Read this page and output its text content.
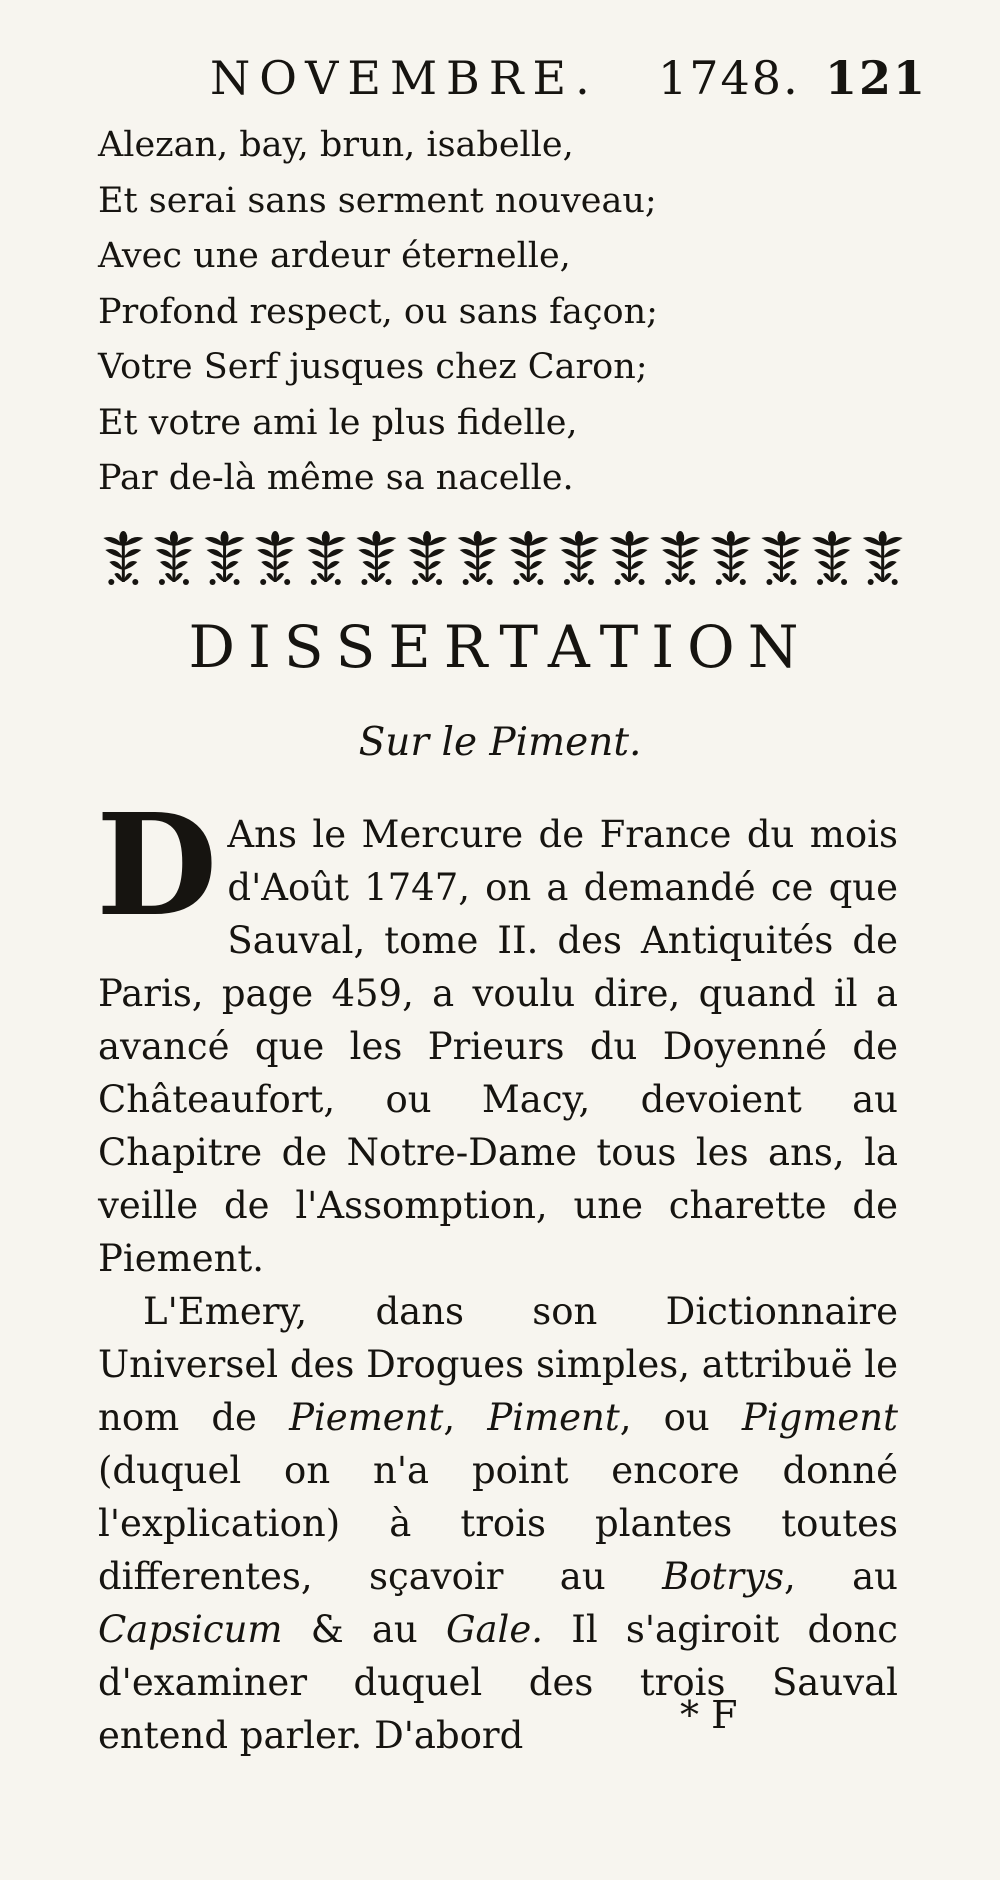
NOVEMBRE. 1748. 121
Alezan, bay, brun, isabelle,
Et serai sans serment nouveau;
Avec une ardeur éternelle,
Profond respect, ou sans façon;
Votre Serf jusques chez Caron;
Et votre ami le plus fidelle,
Par de-là même sa nacelle.
DISSERTATION
Sur le Piment.

D Ans le Mercure de France du mois d'Août 1747, on a demandé ce que Sauval, tome II. des Antiquités de Paris, page 459, a voulu dire, quand il a avancé que les Prieurs du Doyenné de Châteaufort, ou Macy, devoient au Chapitre de Notre-Dame tous les ans, la veille de l'Assomption, une charette de Piement.

L'Emery, dans son Dictionnaire Universel des Drogues simples, attribuë le nom de Piement, Piment, ou Pigment (duquel on n'a point encore donné l'explication) à trois plantes toutes differentes, sçavoir au Botrys, au Capsicum & au Gale. Il s'agiroit donc d'examiner duquel des trois Sauval entend parler. D'abord	* F
